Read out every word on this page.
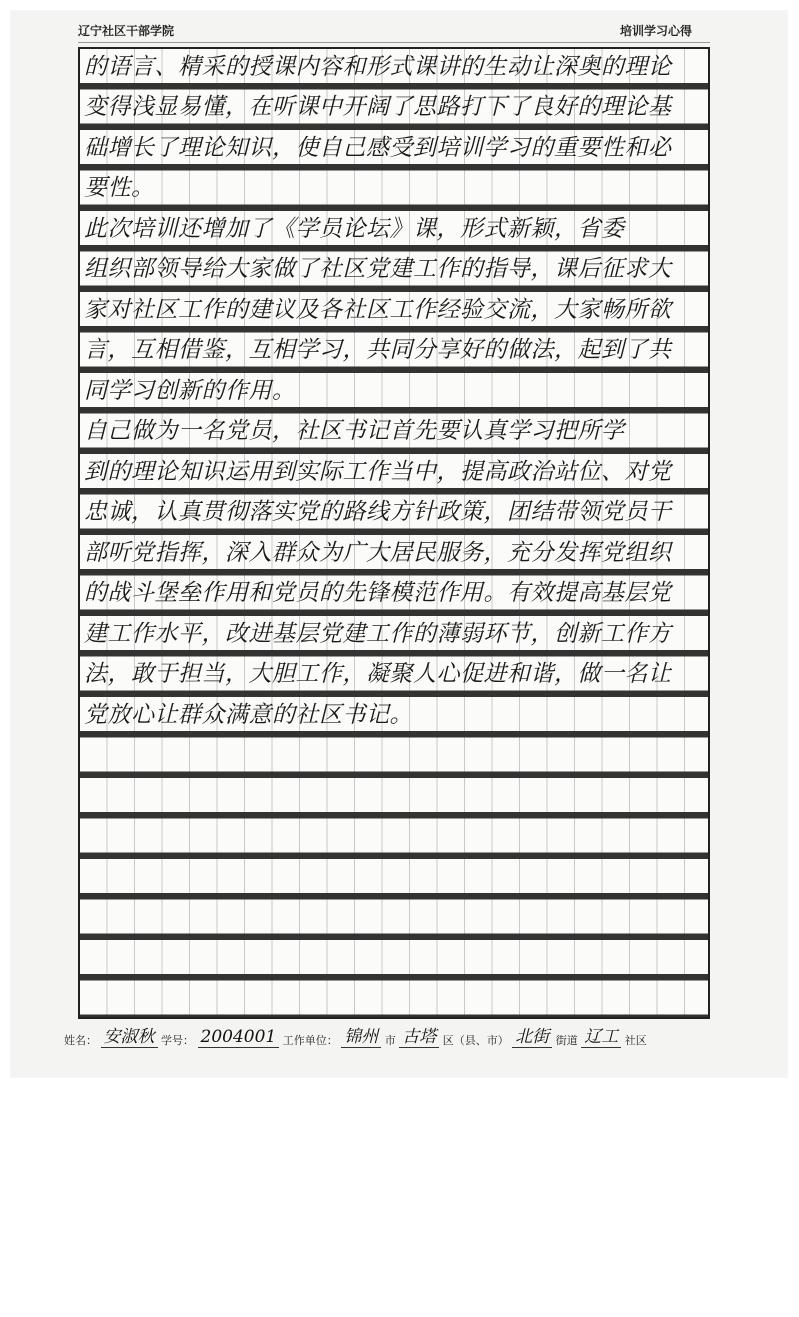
辽宁社区干部学院	培训学习心得
的语言、精采的授课内容和形式课讲的生动让深奥的理论
变得浅显易懂，在听课中开阔了思路打下了良好的理论基
础增长了理论知识，使自己感受到培训学习的重要性和必
要性。
此次培训还增加了《学员论坛》课，形式新颖，省委
组织部领导给大家做了社区党建工作的指导，课后征求大
家对社区工作的建议及各社区工作经验交流，大家畅所欲
言，互相借鉴，互相学习，共同分享好的做法，起到了共
同学习创新的作用。
自己做为一名党员，社区书记首先要认真学习把所学
到的理论知识运用到实际工作当中，提高政治站位、对党
忠诚，认真贯彻落实党的路线方针政策，团结带领党员干
部听党指挥，深入群众为广大居民服务，充分发挥党组织
的战斗堡垒作用和党员的先锋模范作用。有效提高基层党
建工作水平，改进基层党建工作的薄弱环节，创新工作方
法，敢于担当，大胆工作，凝聚人心促进和谐，做一名让
党放心让群众满意的社区书记。
姓名： 安淑秋 学号： 2004001 工作单位： 锦州 市 古塔 区（县、市） 北街 街道 辽工 社区
